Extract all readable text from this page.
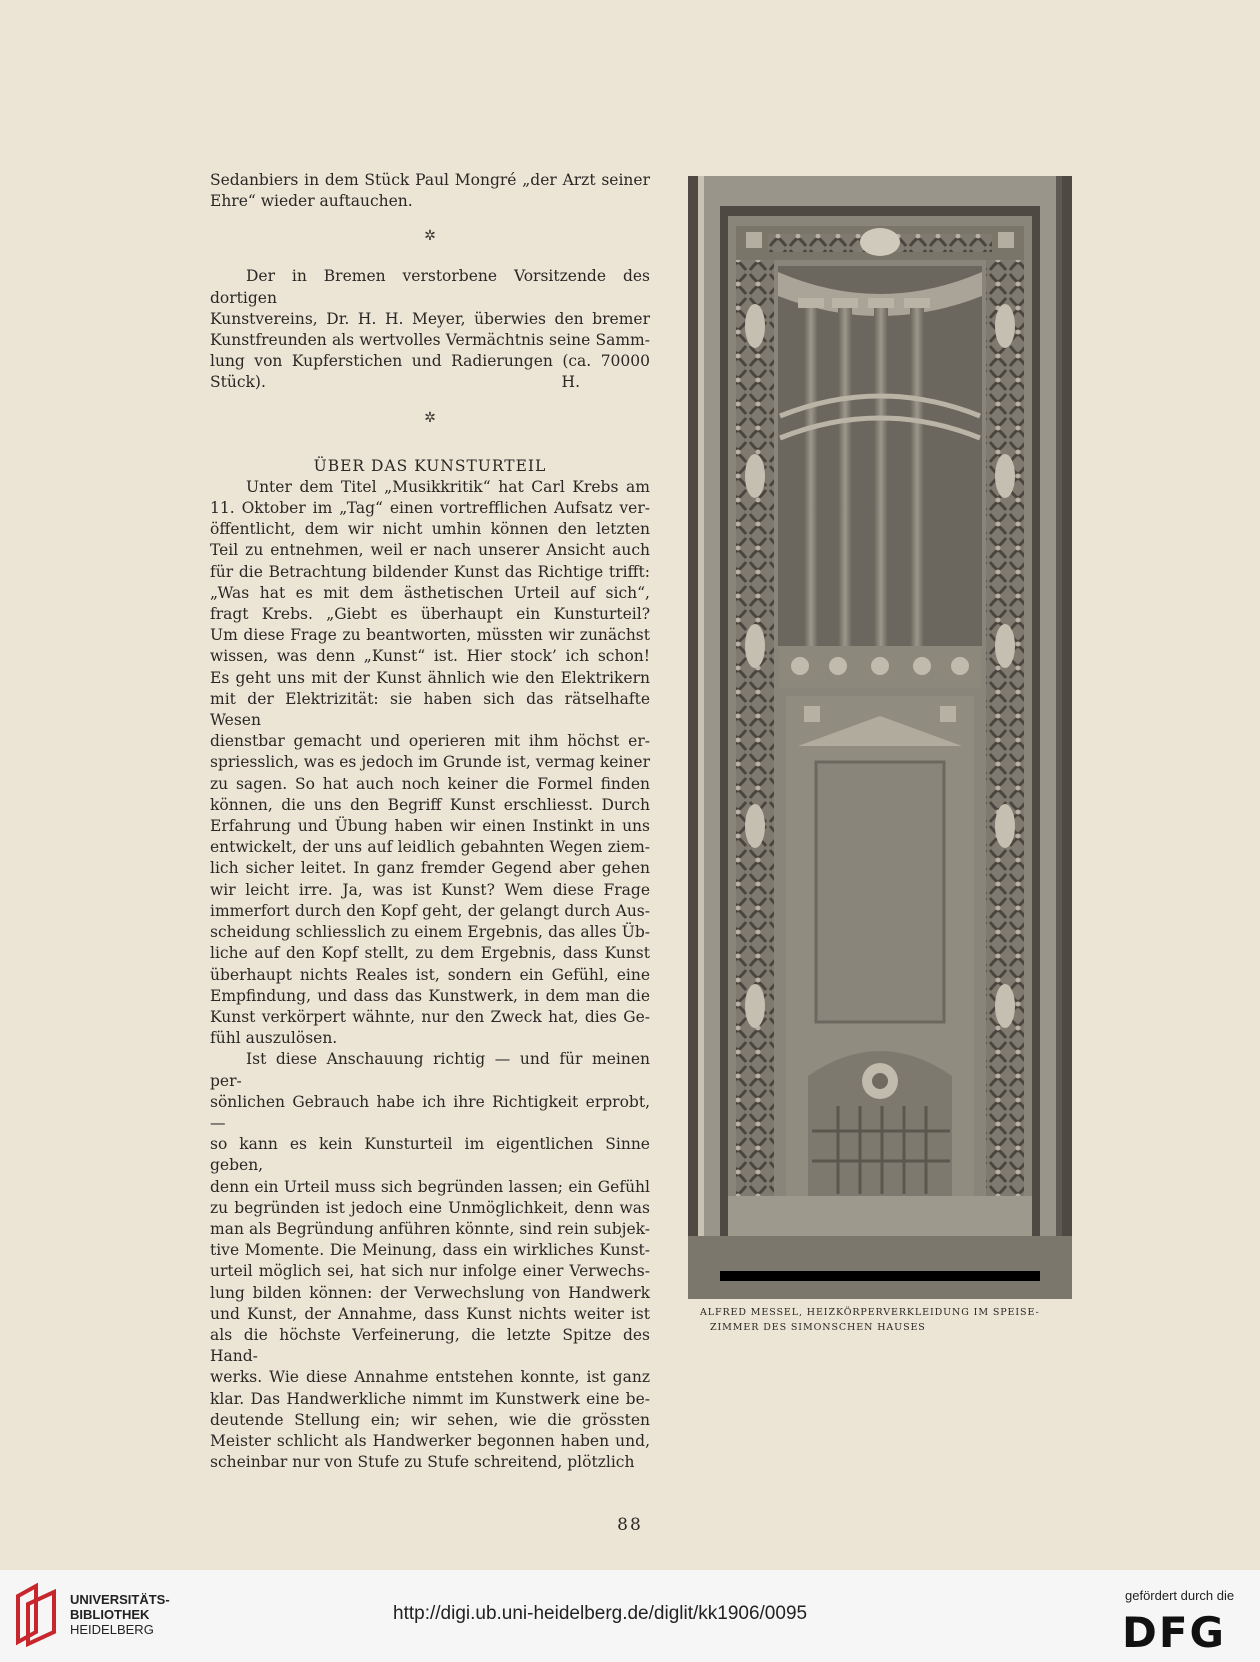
Sedanbiers in dem Stück Paul Mongré „der Arzt seiner

Ehre“ wieder auftauchen.

✲

Der in Bremen verstorbene Vorsitzende des dortigen

Kunstvereins, Dr. H. H. Meyer, überwies den bremer

Kunstfreunden als wertvolles Vermächtnis seine Samm-

lung von Kupferstichen und Radierungen (ca. 70000

Stück).	H.
✲
ÜBER DAS KUNSTURTEIL

Unter dem Titel „Musikkritik“ hat Carl Krebs am

11. Oktober im „Tag“ einen vortrefflichen Aufsatz ver-

öffentlicht, dem wir nicht umhin können den letzten

Teil zu entnehmen, weil er nach unserer Ansicht auch

für die Betrachtung bildender Kunst das Richtige trifft:

„Was hat es mit dem ästhetischen Urteil auf sich“,

fragt Krebs. „Giebt es überhaupt ein Kunsturteil?

Um diese Frage zu beantworten, müssten wir zunächst

wissen, was denn „Kunst“ ist. Hier stock’ ich schon!

Es geht uns mit der Kunst ähnlich wie den Elektrikern

mit der Elektrizität: sie haben sich das rätselhafte Wesen

dienstbar gemacht und operieren mit ihm höchst er-

spriesslich, was es jedoch im Grunde ist, vermag keiner

zu sagen. So hat auch noch keiner die Formel finden

können, die uns den Begriff Kunst erschliesst. Durch

Erfahrung und Übung haben wir einen Instinkt in uns

entwickelt, der uns auf leidlich gebahnten Wegen ziem-

lich sicher leitet. In ganz fremder Gegend aber gehen

wir leicht irre. Ja, was ist Kunst? Wem diese Frage

immerfort durch den Kopf geht, der gelangt durch Aus-

scheidung schliesslich zu einem Ergebnis, das alles Üb-

liche auf den Kopf stellt, zu dem Ergebnis, dass Kunst

überhaupt nichts Reales ist, sondern ein Gefühl, eine

Empfindung, und dass das Kunstwerk, in dem man die

Kunst verkörpert wähnte, nur den Zweck hat, dies Ge-

fühl auszulösen.

Ist diese Anschauung richtig — und für meinen per-

sönlichen Gebrauch habe ich ihre Richtigkeit erprobt, —

so kann es kein Kunsturteil im eigentlichen Sinne geben,

denn ein Urteil muss sich begründen lassen; ein Gefühl

zu begründen ist jedoch eine Unmöglichkeit, denn was

man als Begründung anführen könnte, sind rein subjek-

tive Momente. Die Meinung, dass ein wirkliches Kunst-

urteil möglich sei, hat sich nur infolge einer Verwechs-

lung bilden können: der Verwechslung von Handwerk

und Kunst, der Annahme, dass Kunst nichts weiter ist

als die höchste Verfeinerung, die letzte Spitze des Hand-

werks. Wie diese Annahme entstehen konnte, ist ganz

klar. Das Handwerkliche nimmt im Kunstwerk eine be-

deutende Stellung ein; wir sehen, wie die grössten

Meister schlicht als Handwerker begonnen haben und,

scheinbar nur von Stufe zu Stufe schreitend, plötzlich

ALFRED MESSEL, HEIZKÖRPERVERKLEIDUNG IM SPEISE-
ZIMMER DES SIMONSCHEN HAUSES
88
UNIVERSITÄTS-
BIBLIOTHEK
HEIDELBERG
http://digi.ub.uni-heidelberg.de/diglit/kk1906/0095
gefördert durch die
DFG
